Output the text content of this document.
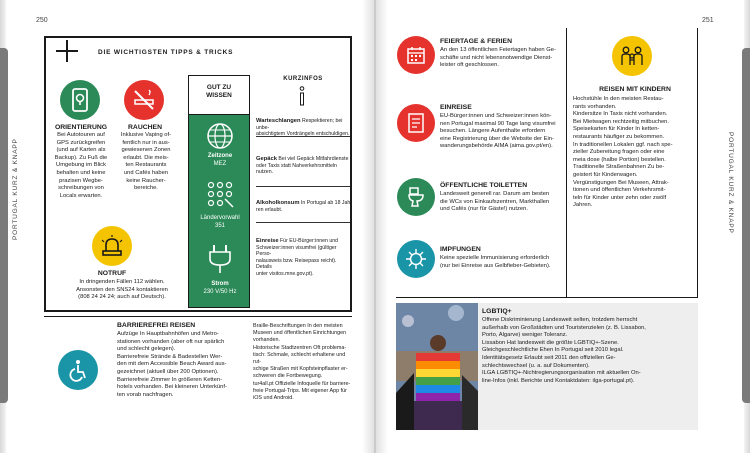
250
PORTUGAL KURZ & KNAPP
DIE WICHTIGSTEN TIPPS & TRICKS
ORIENTIERUNG
Bei Autotouren auf
GPS zurückgreifen
(und auf Karten als
Backup). Zu Fuß die
Umgebung im Blick
behalten und keine
prazisen Wegbe-
schreibungen von
Locals erwarten.
RAUCHEN
Inklusive Vaping of-
fentlich nur in aus-
gewiesenen Zonen
erlaubt. Die meis-
ten Restaurants
und Cafés haben
keine Raucher-
bereiche.
GUT ZU
WISSEN
Zeitzone
MEZ
Ländervorwahl
351
Strom
230 V/50 Hz
KURZINFOS
Warteschlangen Respektieren; bei unbe-
absichtigtem Vordrängeln entschuldigen.
Gepäck Bei viel Gepäck Mitfahrdienste
oder Taxis statt Nahverkehrsmitteln
nutzen.
Alkoholkonsum In Portugal ab 18 Jah-
ren erlaubt.
Einreise Für EU-Bürger:innen und
Schweizer:innen visumfrei (gültiger Perso-
nalausweis bzw. Reisepass reicht). Details
unter visitos.mne.gov.pt).
NOTRUF
In dringenden Fällen 112 wählen.
Ansonsten den SNS24 kontaktieren
(808 24 24 24; auch auf Deutsch).
BARRIEREFREI REISEN
Aufzüge In Hauptbahnhöfen und Metro-
stationen vorhanden (aber oft nur spärlich
und schlecht gelegen).
Barrierefreie Strände & Badestellen Wer-
den mit dem Accessible Beach Award aus-
gezeichnet (aktuell über 200 Optionen).
Barrierefreie Zimmer In größeren Ketten-
hotels vorhanden. Bei kleineren Unterkünf-
ten vorab nachfragen.
Braille-Beschriftungen In den meisten
Museen und öffentlichen Einrichtungen
vorhanden.
Historische Stadtzentren Oft problema-
tisch: Schmale, schlecht erhaltene und rut-
schige Straßen mit Kopfsteinpflaster er-
schweren die Fortbewegung.
tur4all.pt Offizielle Infoquelle für barriere-
freie Portugal-Trips. Mit eigener App für
iOS und Android.
251
PORTUGAL KURZ & KNAPP
FEIERTAGE & FERIEN
An den 13 öffentlichen Feiertagen haben Ge-
schäfte und nicht lebensnotwendige Dienst-
leister oft geschlossen.
EINREISE
EU-Bürger:innen und Schweizer:innen kön-
nen Portugal maximal 90 Tage lang visumfrei
besuchen. Längere Aufenthalte erfordern
eine Registrierung über die Website der Ein-
wanderungsbehörde AIMA (aima.gov.pt/en).
ÖFFENTLICHE TOILETTEN
Landesweit generell rar. Darum am besten
die WCs von Einkaufszentren, Markthallen
und Cafés (nur für Gäste!) nutzen.
IMPFUNGEN
Keine spezielle Immunisierung erforderlich
(nur bei Einreise aus Gelbfieber-Gebieten).
REISEN MIT KINDERN
Hochstühle In den meisten Restau-
rants vorhanden.
Kindersitze In Taxis nicht vorhanden.
Bei Mietwagen rechtzeitig mitbuchen.
Speisekarten für Kinder In ketten-
restaurants häufiger zu bekommen.
In traditionellen Lokalen ggf. nach spe-
zieller Zubereitung fragen oder eine
meia dose (halbe Portion) bestellen.
Traditionelle Straßenbahnen Zu be-
geistert für Kinderwagen.
Vergünstigungen Bei Museen, Attrak-
tionen und öffentlichen Verkehrsmit-
teln für Kinder unter zehn oder zwölf
Jahren.
LGBTIQ+
Offene Diskriminierung Landesweit selten, trotzdem herrscht
außerhalb von Großstädten und Touristenzielen (z. B. Lissabon,
Porto, Algarve) weniger Toleranz.
Lissabon Hat landesweit die größte LGBTIQ+-Szene.
Gleichgeschlechtliche Ehen In Portugal seit 2010 legal.
Identitätsgesetz Erlaubt seit 2011 den offiziellen Ge-
schlechtswechsel (u. a. auf Dokumenten).
ILGA LGBTIQ+-Nichtregierungsorganisation mit aktuellen On-
line-Infos (inkl. Berichte und Kontaktdaten: ilga-portugal.pt).
